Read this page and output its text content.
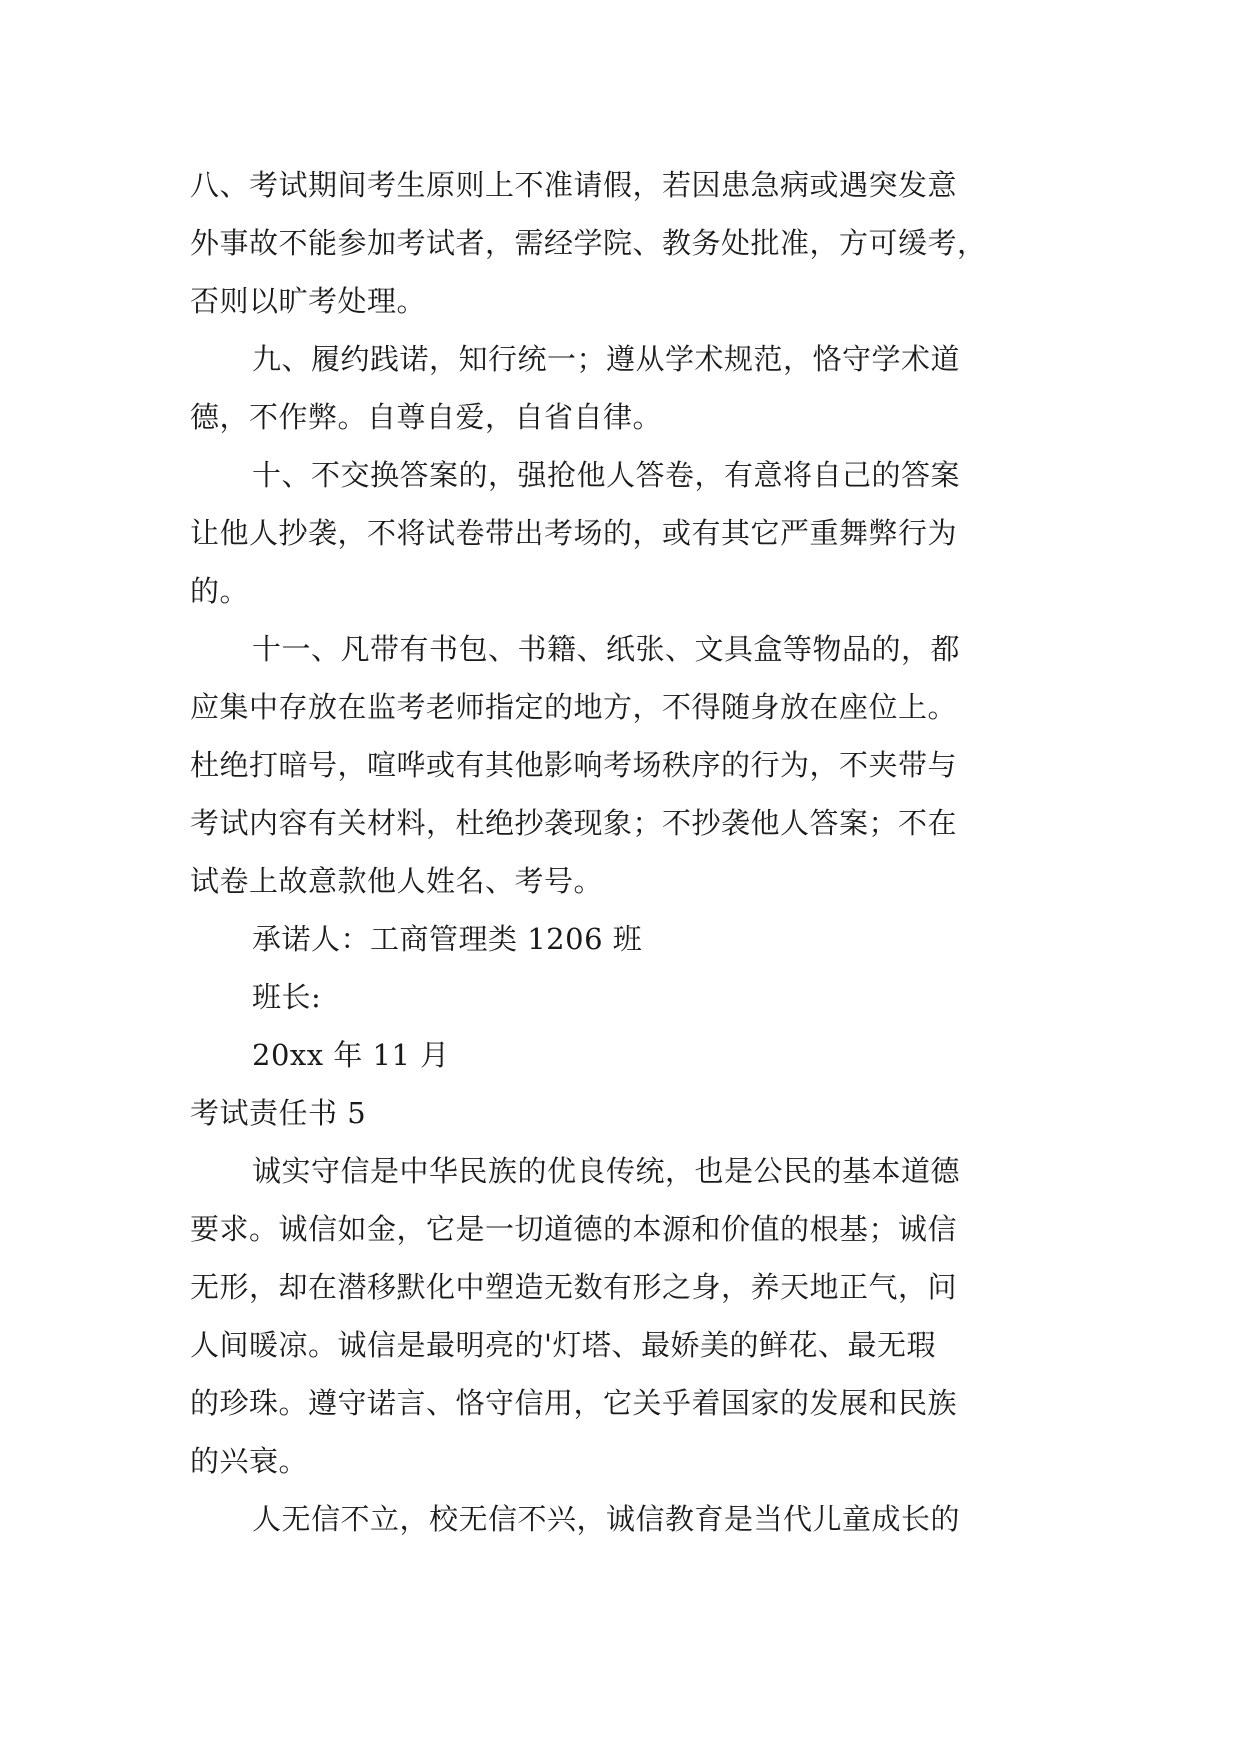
八、考试期间考生原则上不准请假，若因患急病或遇突发意
外事故不能参加考试者，需经学院、教务处批准，方可缓考，
否则以旷考处理。
九、履约践诺，知行统一；遵从学术规范，恪守学术道
德，不作弊。自尊自爱，自省自律。
十、不交换答案的，强抢他人答卷，有意将自己的答案
让他人抄袭，不将试卷带出考场的，或有其它严重舞弊行为
的。
十一、凡带有书包、书籍、纸张、文具盒等物品的，都
应集中存放在监考老师指定的地方，不得随身放在座位上。
杜绝打暗号，喧哗或有其他影响考场秩序的行为，不夹带与
考试内容有关材料，杜绝抄袭现象；不抄袭他人答案；不在
试卷上故意款他人姓名、考号。
承诺人：工商管理类 1206 班
班长:
20xx 年 11 月
考试责任书 5
诚实守信是中华民族的优良传统，也是公民的基本道德
要求。诚信如金，它是一切道德的本源和价值的根基；诚信
无形，却在潜移默化中塑造无数有形之身，养天地正气，问
人间暖凉。诚信是最明亮的'灯塔、最娇美的鲜花、最无瑕
的珍珠。遵守诺言、恪守信用，它关乎着国家的发展和民族
的兴衰。
人无信不立，校无信不兴，诚信教育是当代儿童成长的
